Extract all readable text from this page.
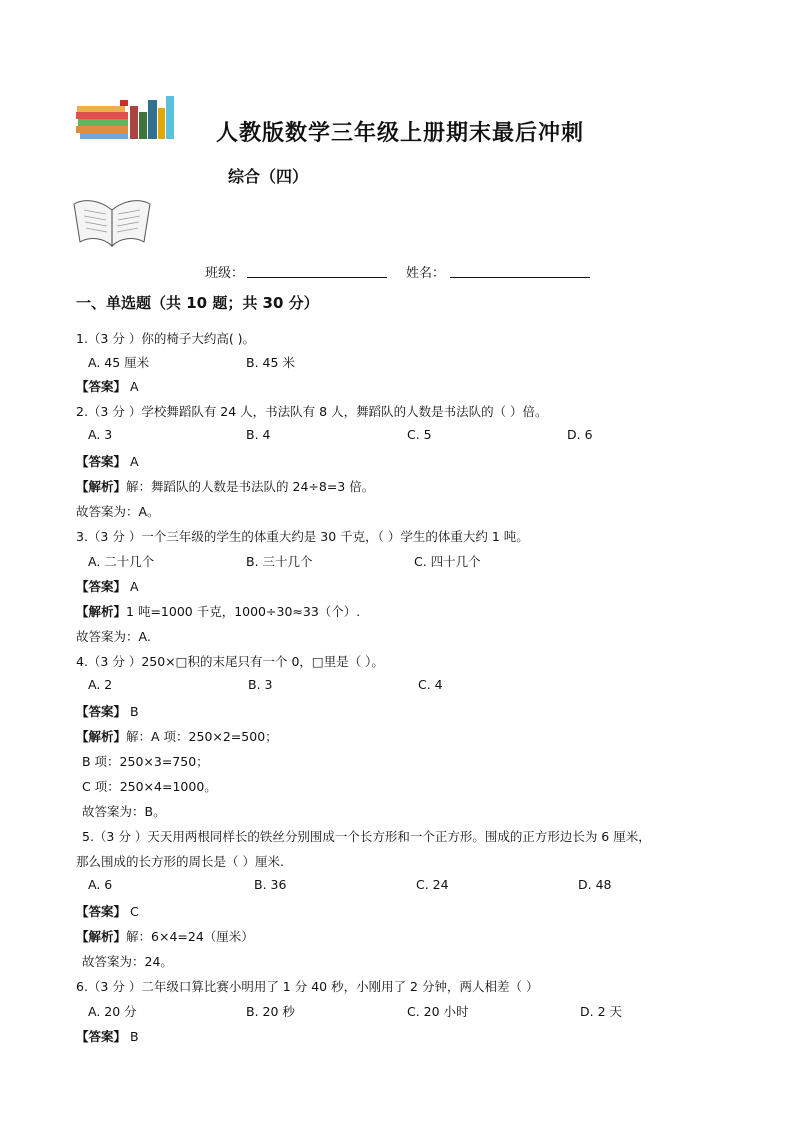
人教版数学三年级上册期末最后冲刺
综合（四）
班级：	姓名：
一、单选题（共 10 题；共 30 分）
1.（3 分 ）你的椅子大约高( )。
A. 45 厘米	B. 45 米
【答案】 A
2.（3 分 ）学校舞蹈队有 24 人，书法队有 8 人，舞蹈队的人数是书法队的（ ）倍。
A. 3	B. 4	C. 5	D. 6
【答案】 A
【解析】解：舞蹈队的人数是书法队的 24÷8=3 倍。
故答案为：A。
3.（3 分 ）一个三年级的学生的体重大约是 30 千克，（ ）学生的体重大约 1 吨。
A. 二十几个	B. 三十几个	C. 四十几个
【答案】 A
【解析】1 吨=1000 千克，1000÷30≈33（个）.
故答案为：A.
4.（3 分 ）250×□积的末尾只有一个 0，□里是（ ）。
A. 2	B. 3	C. 4
【答案】 B
【解析】解：A 项：250×2=500；
B 项：250×3=750；
C 项：250×4=1000。
故答案为：B。
5.（3 分 ）天天用两根同样长的铁丝分别围成一个长方形和一个正方形。围成的正方形边长为 6 厘米，
那么围成的长方形的周长是（ ）厘米.
A. 6	B. 36	C. 24	D. 48
【答案】 C
【解析】解：6×4=24（厘米）
故答案为：24。
6.（3 分 ）二年级口算比赛小明用了 1 分 40 秒，小刚用了 2 分钟，两人相差（ ）
A. 20 分	B. 20 秒	C. 20 小时	D. 2 天
【答案】 B
